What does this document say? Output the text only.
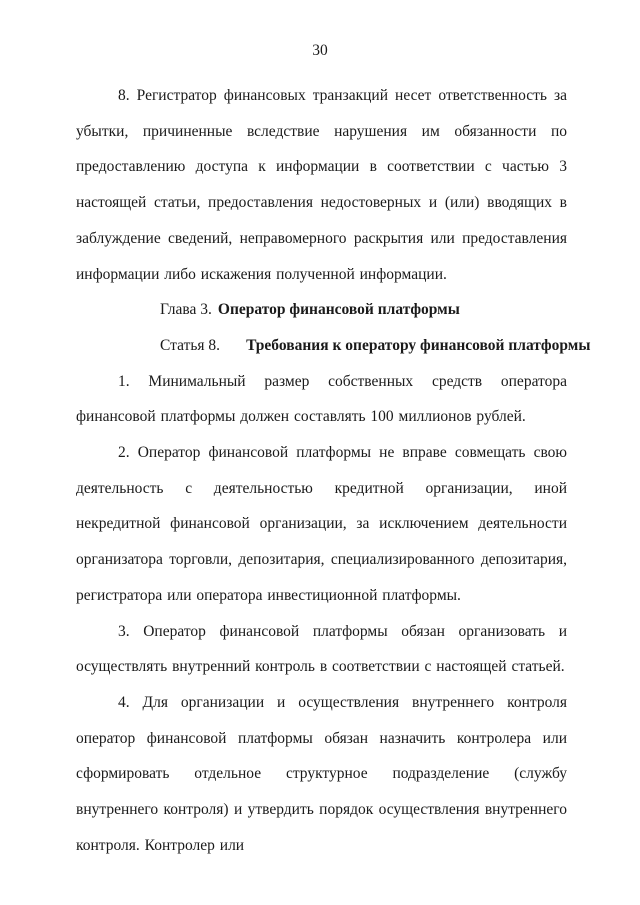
30

8. Регистратор финансовых транзакций несет ответственность за убытки, причиненные вследствие нарушения им обязанности по предоставлению доступа к информации в соответствии с частью 3 настоящей статьи, предоставления недостоверных и (или) вводящих в заблуждение сведений, неправомерного раскрытия или предоставления информации либо искажения полученной информации.

Глава 3. Оператор финансовой платформы

Статья 8. Требования к оператору финансовой платформы

1. Минимальный размер собственных средств оператора финансовой платформы должен составлять 100 миллионов рублей.

2. Оператор финансовой платформы не вправе совмещать свою деятельность с деятельностью кредитной организации, иной некредитной финансовой организации, за исключением деятельности организатора торговли, депозитария, специализированного депозитария, регистратора или оператора инвестиционной платформы.

3. Оператор финансовой платформы обязан организовать и осуществлять внутренний контроль в соответствии с настоящей статьей.

4. Для организации и осуществления внутреннего контроля оператор финансовой платформы обязан назначить контролера или сформировать отдельное структурное подразделение (службу внутреннего контроля) и утвердить порядок осуществления внутреннего контроля. Контролер или
